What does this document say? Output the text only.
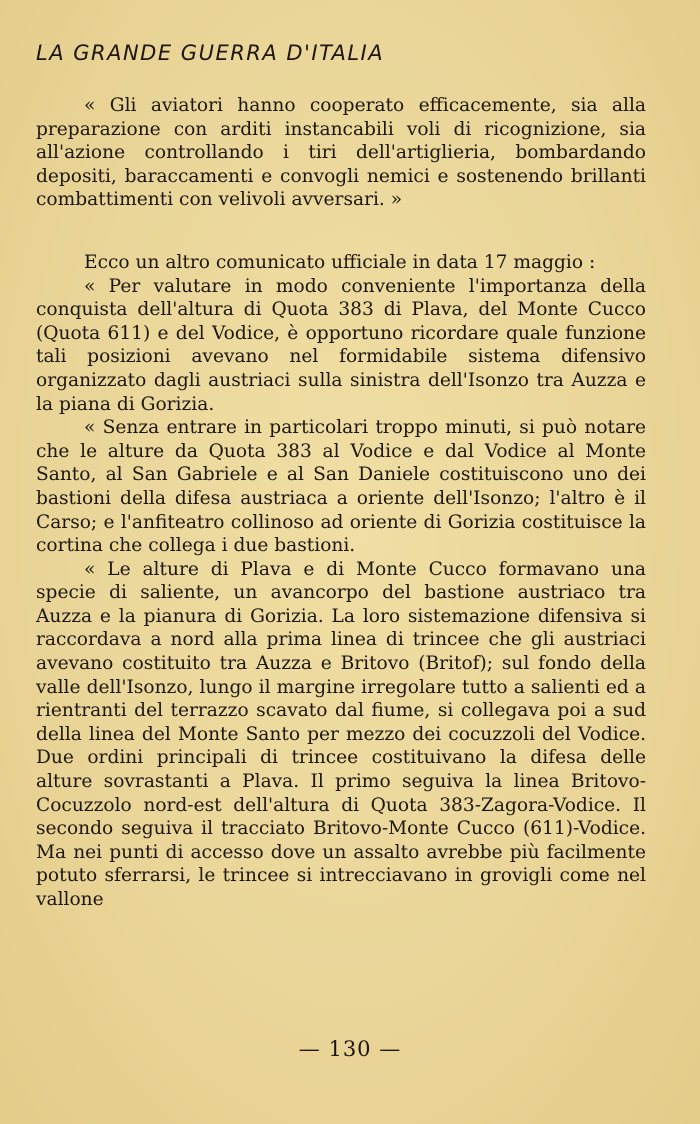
LA GRANDE GUERRA D'ITALIA

« Gli aviatori hanno cooperato efficacemente, sia alla preparazione con arditi instancabili voli di ricognizione, sia all'azione controllando i tiri dell'artiglieria, bombardando depositi, baraccamenti e convogli nemici e sostenendo brillanti combattimenti con velivoli avversari. »

Ecco un altro comunicato ufficiale in data 17 maggio :

« Per valutare in modo conveniente l'importanza della conquista dell'altura di Quota 383 di Plava, del Monte Cucco (Quota 611) e del Vodice, è opportuno ricordare quale funzione tali posizioni avevano nel formidabile sistema difensivo organizzato dagli austriaci sulla sinistra dell'Isonzo tra Auzza e la piana di Gorizia.

« Senza entrare in particolari troppo minuti, si può notare che le alture da Quota 383 al Vodice e dal Vodice al Monte Santo, al San Gabriele e al San Daniele costituiscono uno dei bastioni della difesa austriaca a oriente dell'Isonzo; l'altro è il Carso; e l'anfiteatro collinoso ad oriente di Gorizia costituisce la cortina che collega i due bastioni.

« Le alture di Plava e di Monte Cucco formavano una specie di saliente, un avancorpo del bastione austriaco tra Auzza e la pianura di Gorizia. La loro sistemazione difensiva si raccordava a nord alla prima linea di trincee che gli austriaci avevano costituito tra Auzza e Britovo (Britof); sul fondo della valle dell'Isonzo, lungo il margine irregolare tutto a salienti ed a rientranti del terrazzo scavato dal fiume, si collegava poi a sud della linea del Monte Santo per mezzo dei cocuzzoli del Vodice. Due ordini principali di trincee costituivano la difesa delle alture sovrastanti a Plava. Il primo seguiva la linea Britovo-Cocuzzolo nord-est dell'altura di Quota 383-Zagora-Vodice. Il secondo seguiva il tracciato Britovo-Monte Cucco (611)-Vodice. Ma nei punti di accesso dove un assalto avrebbe più facilmente potuto sferrarsi, le trincee si intrecciavano in grovigli come nel vallone

— 130 —
